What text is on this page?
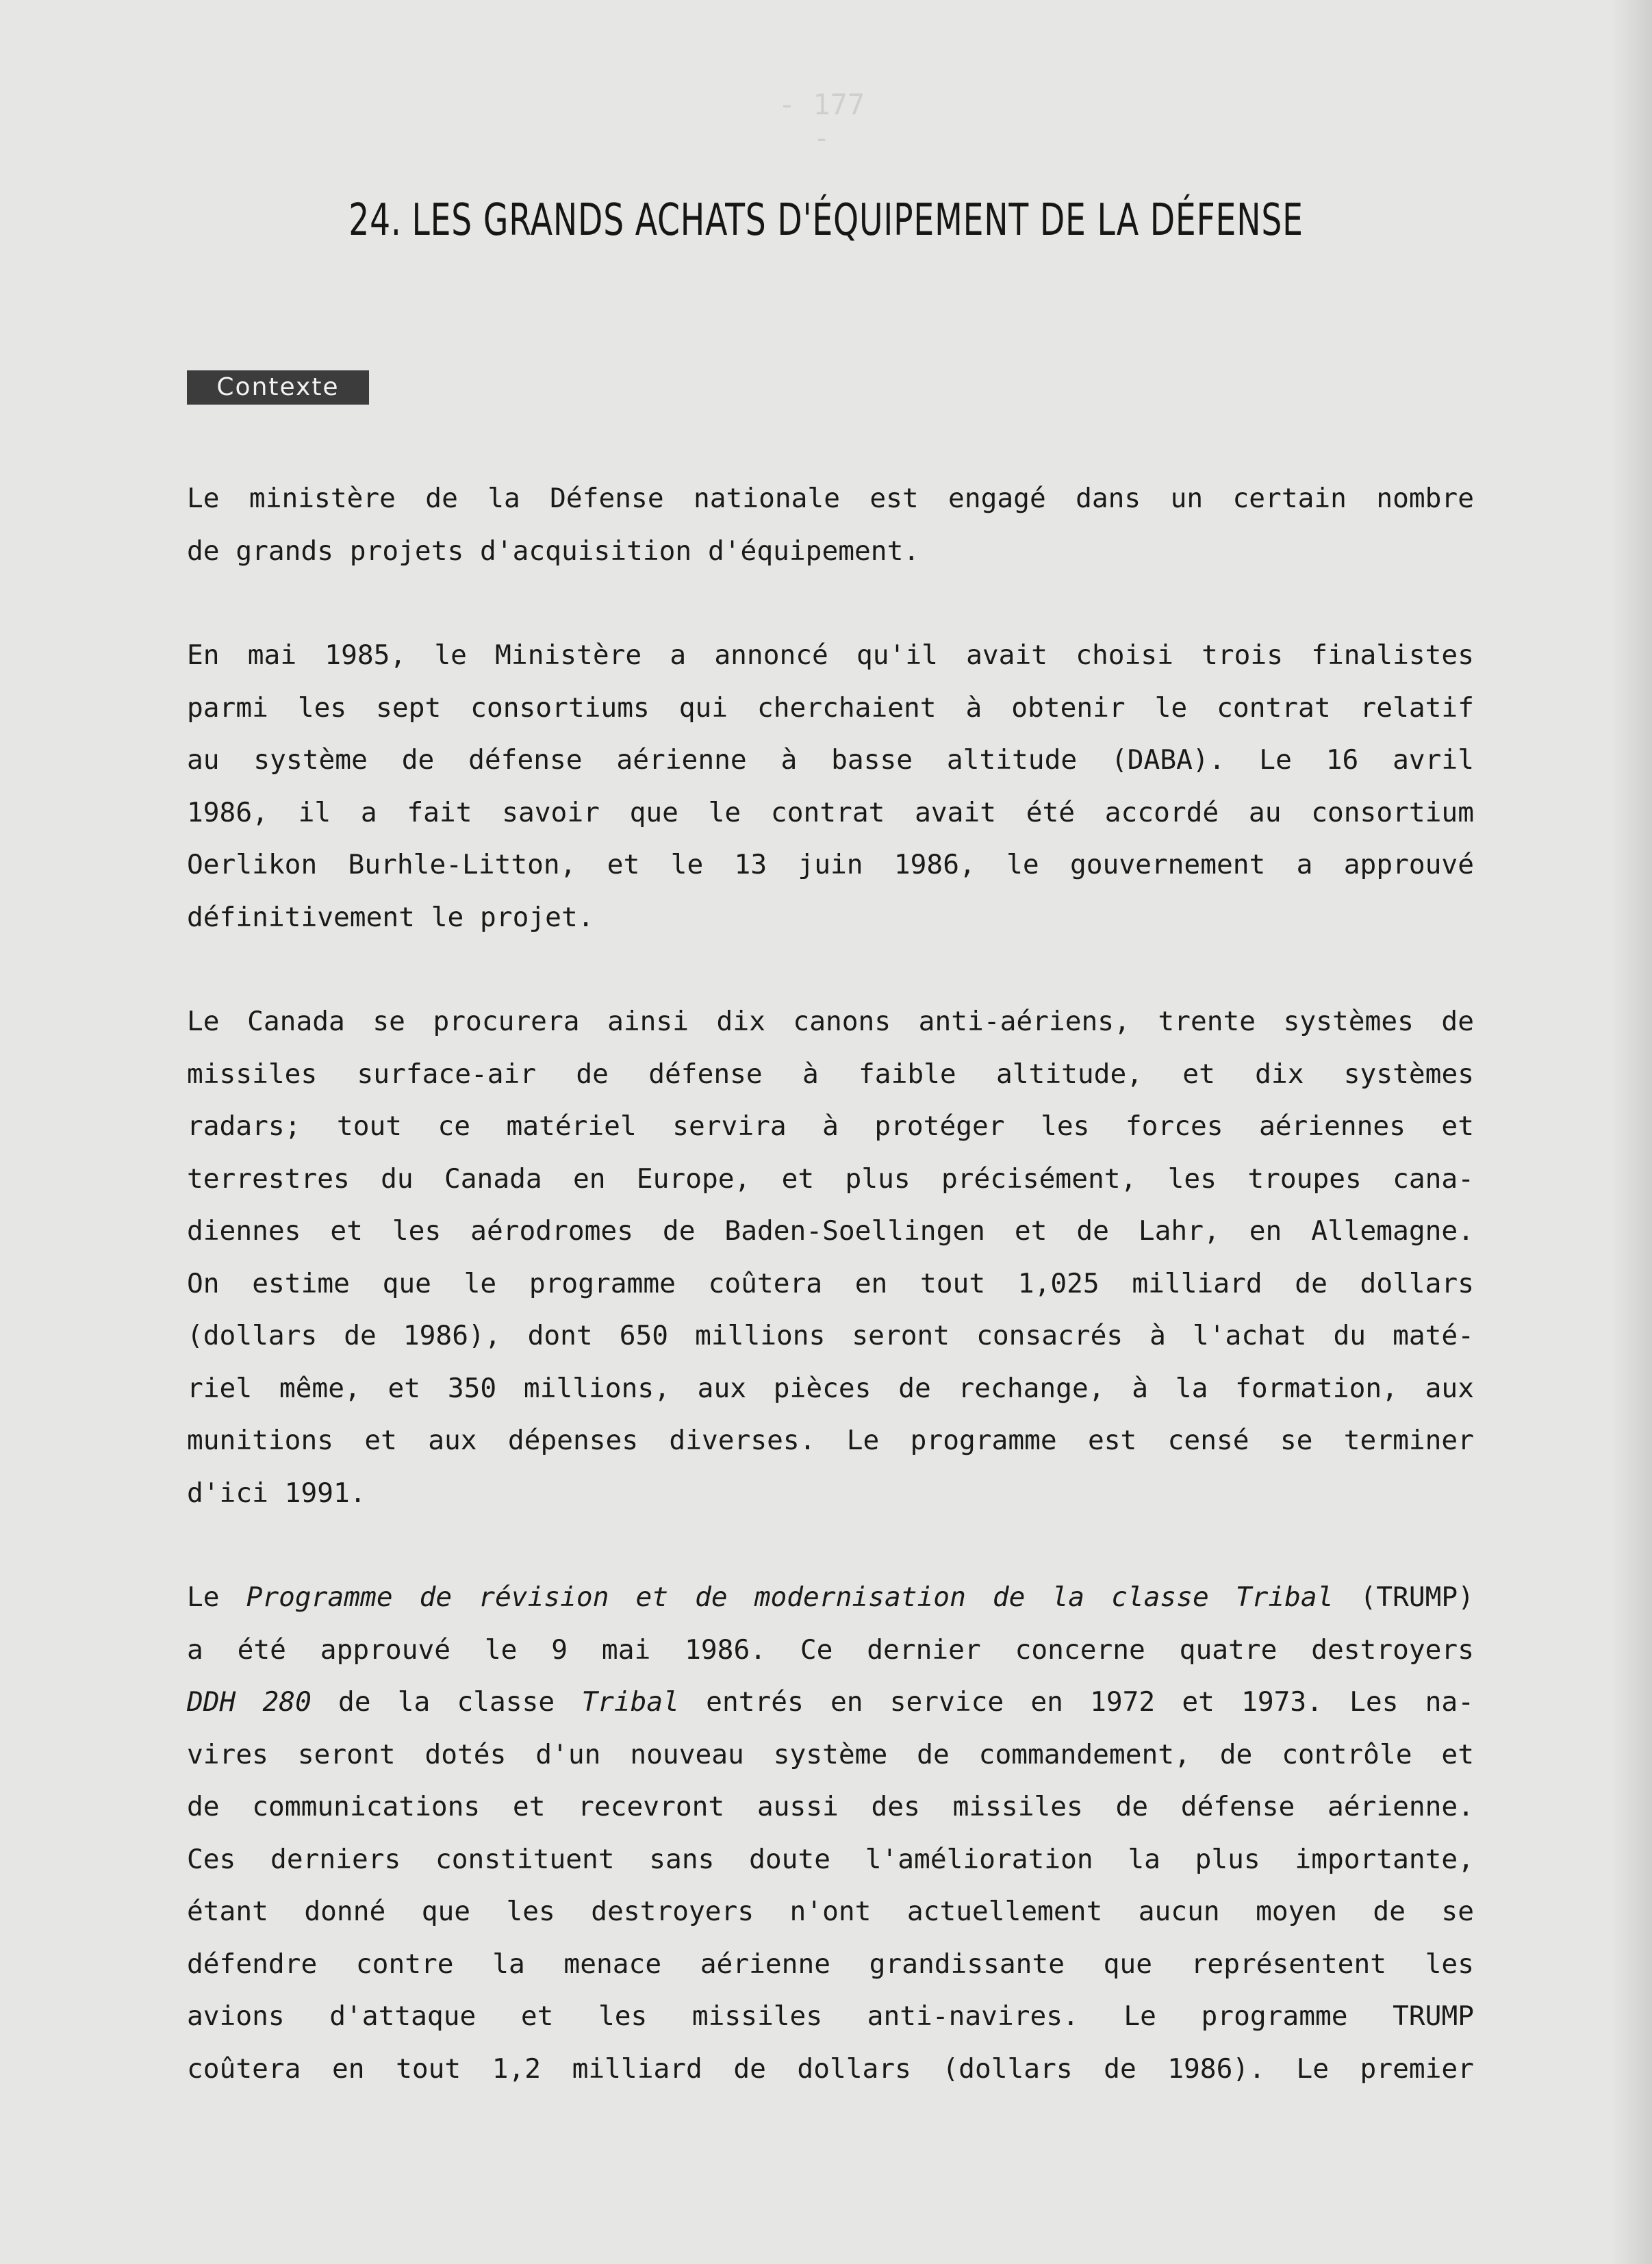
- 177 -
24. LES GRANDS ACHATS D'ÉQUIPEMENT DE LA DÉFENSE
Contexte
Le ministère de la Défense nationale est engagé dans un certain nombre
de grands projets d'acquisition d'équipement.
En mai 1985, le Ministère a annoncé qu'il avait choisi trois finalistes
parmi les sept consortiums qui cherchaient à obtenir le contrat relatif
au système de défense aérienne à basse altitude (DABA). Le 16 avril
1986, il a fait savoir que le contrat avait été accordé au consortium
Oerlikon Burhle-Litton, et le 13 juin 1986, le gouvernement a approuvé
définitivement le projet.
Le Canada se procurera ainsi dix canons anti-aériens, trente systèmes de
missiles surface-air de défense à faible altitude, et dix systèmes
radars; tout ce matériel servira à protéger les forces aériennes et
terrestres du Canada en Europe, et plus précisément, les troupes cana-
diennes et les aérodromes de Baden-Soellingen et de Lahr, en Allemagne.
On estime que le programme coûtera en tout 1,025 milliard de dollars
(dollars de 1986), dont 650 millions seront consacrés à l'achat du maté-
riel même, et 350 millions, aux pièces de rechange, à la formation, aux
munitions et aux dépenses diverses. Le programme est censé se terminer
d'ici 1991.
Le Programme de révision et de modernisation de la classe Tribal (TRUMP)
a été approuvé le 9 mai 1986. Ce dernier concerne quatre destroyers
DDH 280 de la classe Tribal entrés en service en 1972 et 1973. Les na-
vires seront dotés d'un nouveau système de commandement, de contrôle et
de communications et recevront aussi des missiles de défense aérienne.
Ces derniers constituent sans doute l'amélioration la plus importante,
étant donné que les destroyers n'ont actuellement aucun moyen de se
défendre contre la menace aérienne grandissante que représentent les
avions d'attaque et les missiles anti-navires. Le programme TRUMP
coûtera en tout 1,2 milliard de dollars (dollars de 1986). Le premier
